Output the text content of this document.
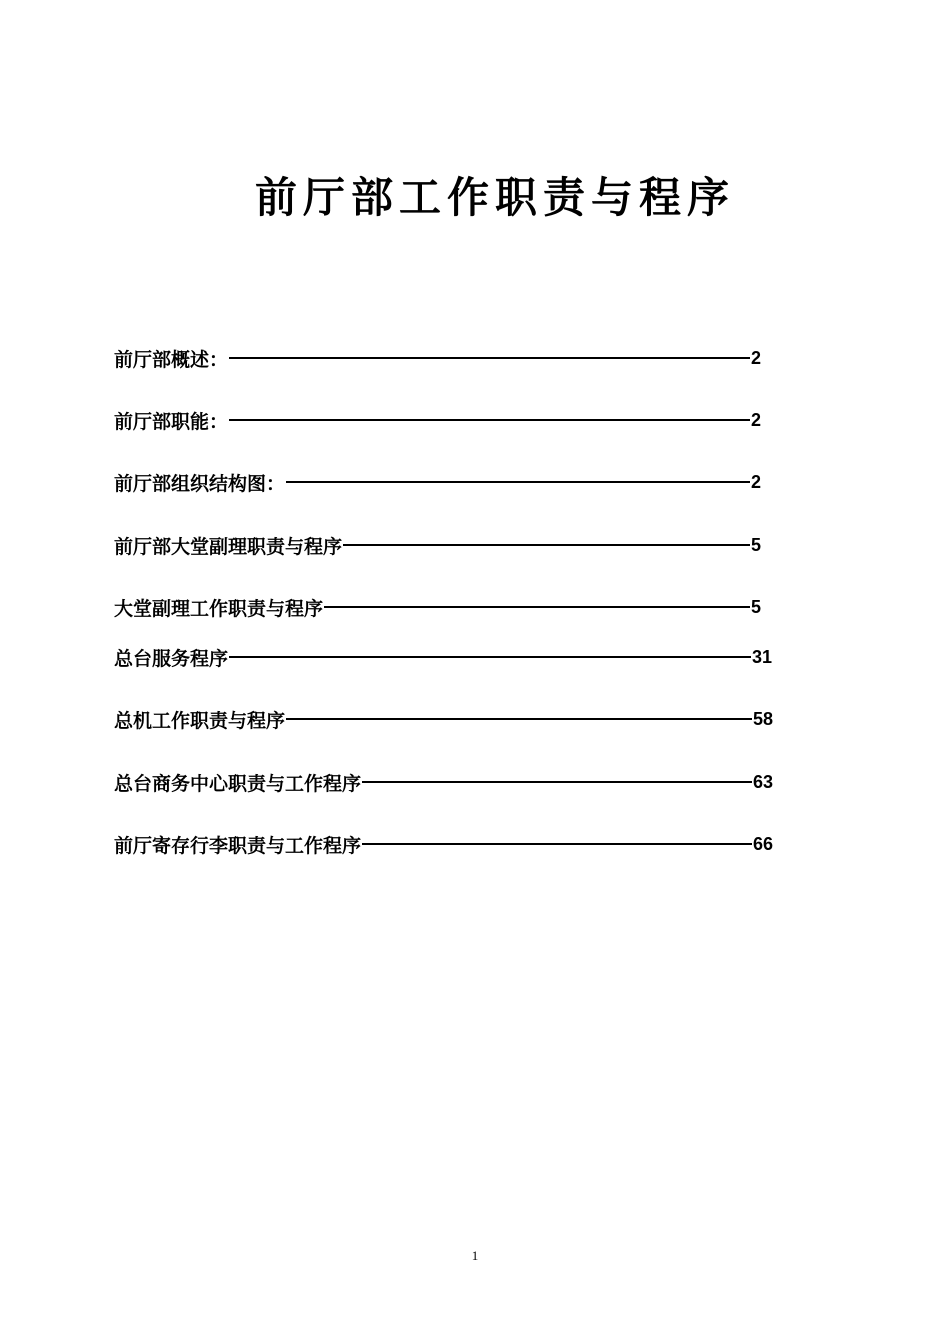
前厅部工作职责与程序
前厅部概述：	2
前厅部职能：	2
前厅部组织结构图：	2
前厅部大堂副理职责与程序	5
大堂副理工作职责与程序	5
总台服务程序	31
总机工作职责与程序	58
总台商务中心职责与工作程序	63
前厅寄存行李职责与工作程序	66
1
